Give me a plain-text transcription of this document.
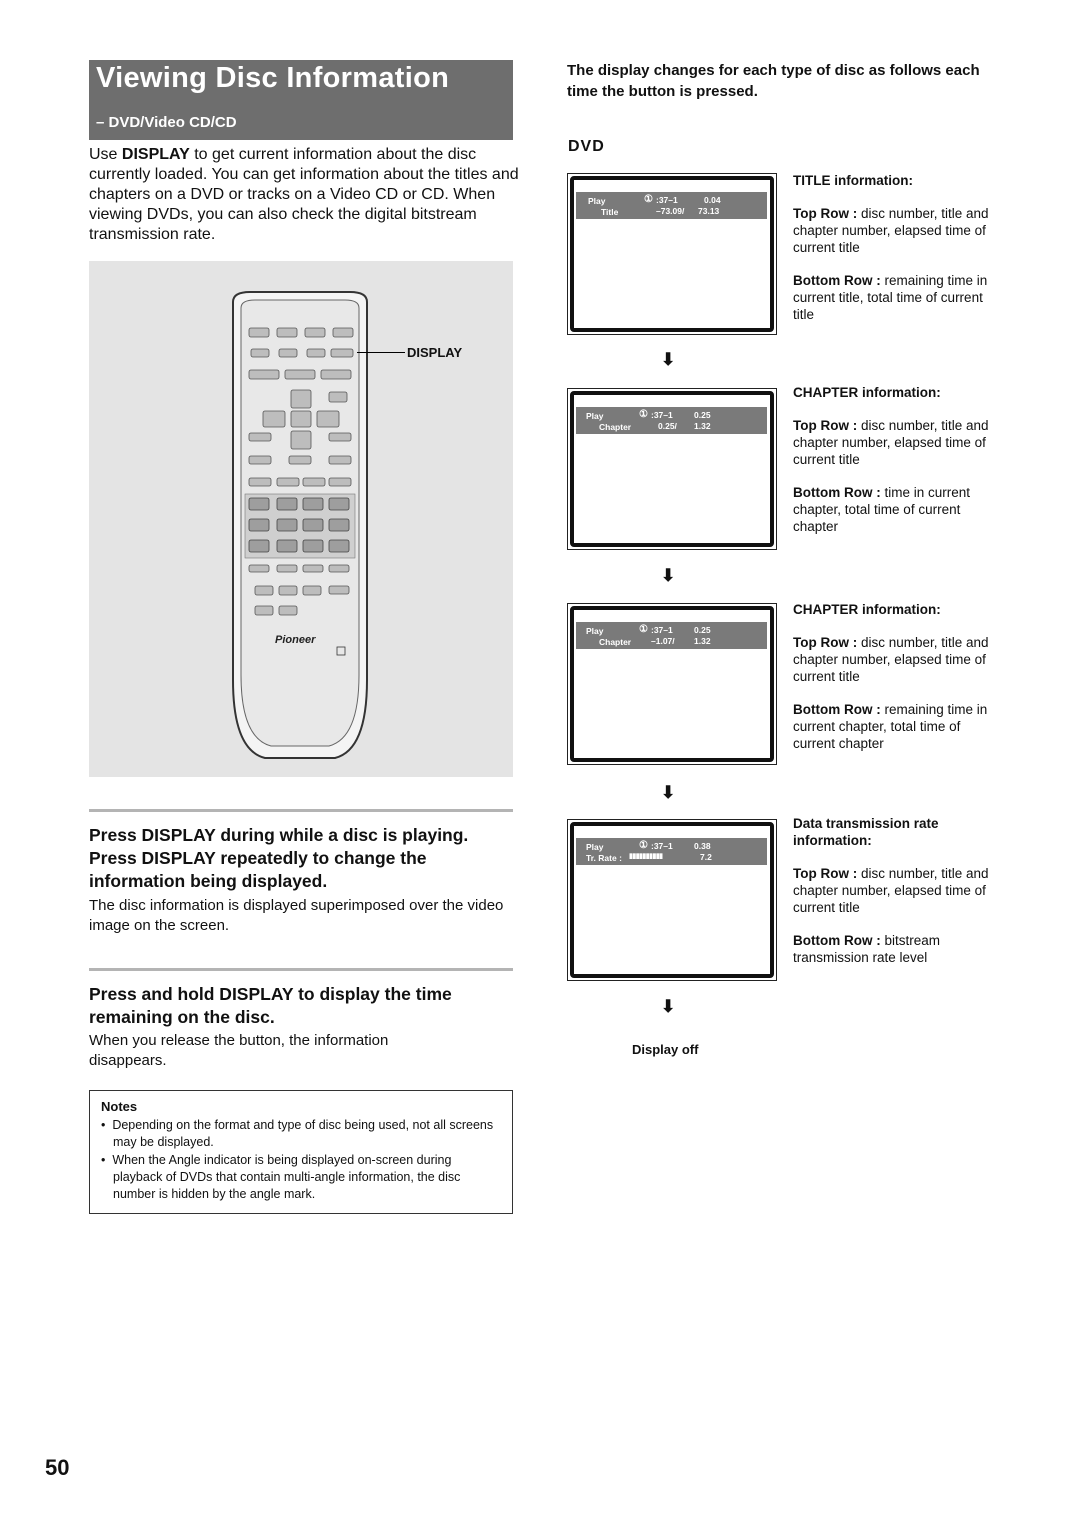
Viewing Disc Information
– DVD/Video CD/CD
Use DISPLAY to get current information about the disc currently loaded. You can get information about the titles and chapters on a DVD or tracks on a Video CD or CD. When viewing DVDs, you can also check the digital bitstream transmission rate.
Pioneer
DISPLAY
Press DISPLAY during while a disc is playing. Press DISPLAY repeatedly to change the information being displayed.
The disc information is displayed superimposed over the video image on the screen.
Press and hold DISPLAY to display the time remaining on the disc.
When you release the button, the information disappears.
Notes
•  Depending on the format and type of disc being used, not all screens may be displayed.
•  When the Angle indicator is being displayed on-screen during playback of DVDs that contain multi-angle information, the disc number is hidden by the angle mark.
50
The display changes for each type of disc as follows each time the button is pressed.
DVD
Play	① :37–1	0.04
Title	–73.09/ 73.13
TITLE information:
Top Row : disc number, title and chapter number, elapsed time of current title
Bottom Row : remaining time in current title, total time of current title
⬇
Play	① :37–1	0.25
Chapter	0.25/ 1.32
CHAPTER information:
Top Row : disc number, title and chapter number, elapsed time of current title
Bottom Row : time in current chapter, total time of current chapter
⬇
Play	① :37–1	0.25
Chapter –1.07/ 1.32
CHAPTER information:
Top Row : disc number, title and chapter number, elapsed time of current title
Bottom Row : remaining time in current chapter, total time of current chapter
⬇
Play	① :37–1	0.38
Tr. Rate : ▮▮▮▮▮▮▮▮▮▮	7.2
Data transmission rate information:
Top Row : disc number, title and chapter number, elapsed time of current title
Bottom Row : bitstream transmission rate level
⬇
Display off
